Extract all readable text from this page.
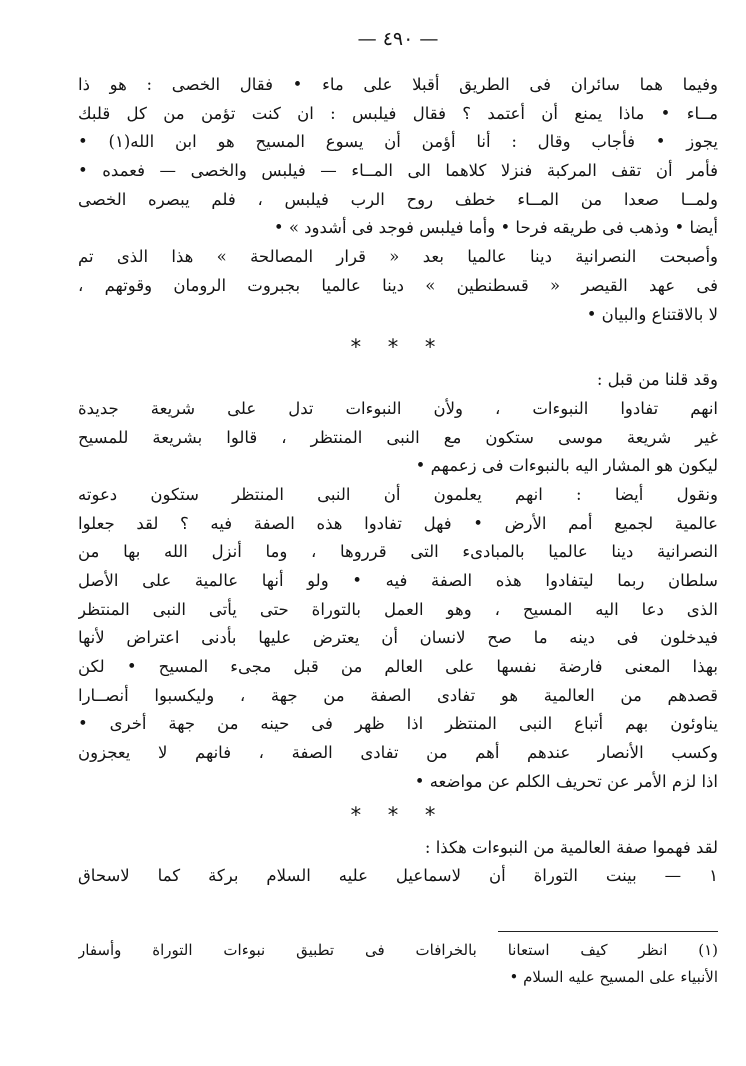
— ٤٩٠ —
وفيما هما سائران فى الطريق أقبلا على ماء • فقال الخصى : هو ذا
مــاء • ماذا يمنع أن أعتمد ؟ فقال فيلبس : ان كنت تؤمن من كل قلبك
يجوز • فأجاب وقال : أنا أؤمن أن يسوع المسيح هو ابن الله(١) •
فأمر أن تقف المركبة فنزلا كلاهما الى المــاء — فيلبس والخصى — فعمده •
ولمــا صعدا من المــاء خطف روح الرب فيلبس ، فلم يبصره الخصى
أيضا • وذهب فى طريقه فرحا • وأما فيلبس فوجد فى أشدود » •
وأصبحت النصرانية دينا عالميا بعد « قرار المصالحة » هذا الذى تم
فى عهد القيصر « قسطنطين » دينا عالميا بجبروت الرومان وقوتهم ،
لا بالاقتناع والبيان •
* * *
وقد قلنا من قبل :
انهم تفادوا النبوءات ، ولأن النبوءات تدل على شريعة جديدة
غير شريعة موسى ستكون مع النبى المنتظر ، قالوا بشريعة للمسيح
ليكون هو المشار اليه بالنبوءات فى زعمهم •
ونقول أيضا : انهم يعلمون أن النبى المنتظر ستكون دعوته
عالمية لجميع أمم الأرض • فهل تفادوا هذه الصفة فيه ؟ لقد جعلوا
النصرانية دينا عالميا بالمبادىء التى قرروها ، وما أنزل الله بها من
سلطان ربما ليتفادوا هذه الصفة فيه • ولو أنها عالمية على الأصل
الذى دعا اليه المسيح ، وهو العمل بالتوراة حتى يأتى النبى المنتظر
فيدخلون فى دينه ما صح لانسان أن يعترض عليها بأدنى اعتراض لأنها
بهذا المعنى فارضة نفسها على العالم من قبل مجىء المسيح • لكن
قصدهم من العالمية هو تفادى الصفة من جهة ، وليكسبوا أنصــارا
يناوئون بهم أتباع النبى المنتظر اذا ظهر فى حينه من جهة أخرى •
وكسب الأنصار عندهم أهم من تفادى الصفة ، فانهم لا يعجزون
اذا لزم الأمر عن تحريف الكلم عن مواضعه •
* * *
لقد فهموا صفة العالمية من النبوءات هكذا :
١ — بينت التوراة أن لاسماعيل عليه السلام بركة كما لاسحاق
(١) انظر كيف استعانا بالخرافات فى تطبيق نبوءات التوراة وأسفار
الأنبياء على المسيح عليه السلام •
